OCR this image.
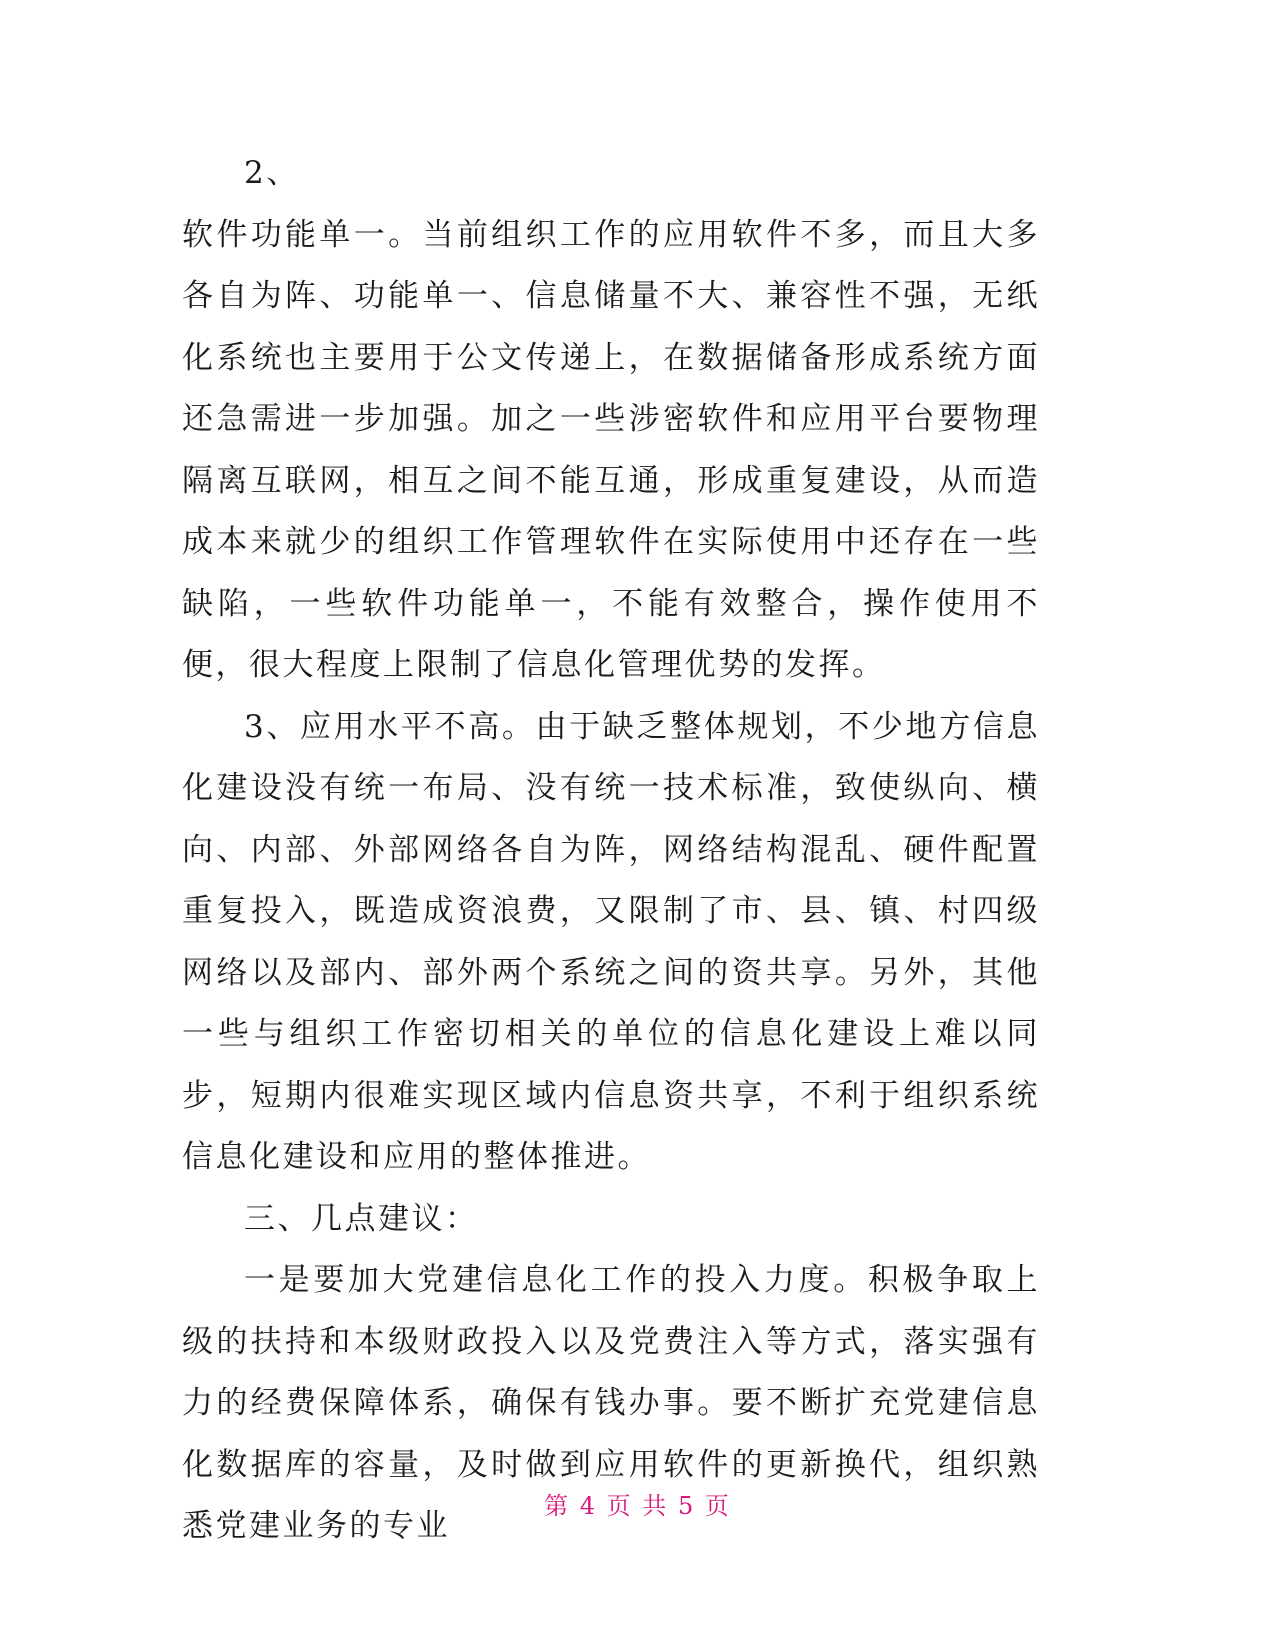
2、

软件功能单一。当前组织工作的应用软件不多，而且大多各自为阵、功能单一、信息储量不大、兼容性不强，无纸化系统也主要用于公文传递上，在数据储备形成系统方面还急需进一步加强。加之一些涉密软件和应用平台要物理隔离互联网，相互之间不能互通，形成重复建设，从而造成本来就少的组织工作管理软件在实际使用中还存在一些缺陷，一些软件功能单一，不能有效整合，操作使用不便，很大程度上限制了信息化管理优势的发挥。

3、应用水平不高。由于缺乏整体规划，不少地方信息化建设没有统一布局、没有统一技术标准，致使纵向、横向、内部、外部网络各自为阵，网络结构混乱、硬件配置重复投入，既造成资浪费，又限制了市、县、镇、村四级网络以及部内、部外两个系统之间的资共享。另外，其他一些与组织工作密切相关的单位的信息化建设上难以同步，短期内很难实现区域内信息资共享，不利于组织系统信息化建设和应用的整体推进。

三、几点建议：

一是要加大党建信息化工作的投入力度。积极争取上级的扶持和本级财政投入以及党费注入等方式，落实强有力的经费保障体系，确保有钱办事。要不断扩充党建信息化数据库的容量，及时做到应用软件的更新换代，组织熟悉党建业务的专业

第 4 页 共 5 页
